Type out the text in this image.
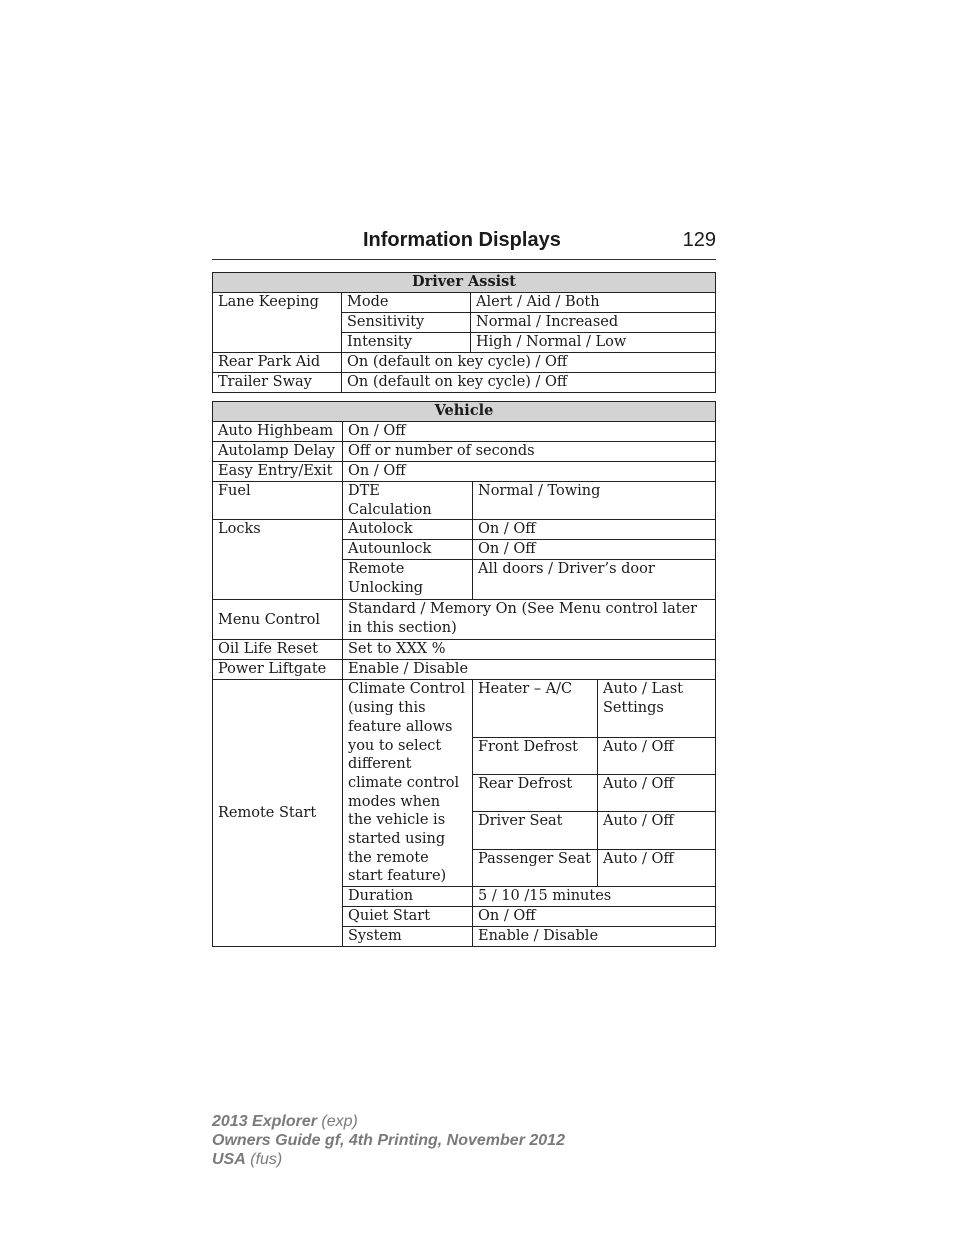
Information Displays	129
Driver Assist		
Lane Keeping	Mode	Alert / Aid / Both
	Sensitivity	Normal / Increased
	Intensity	High / Normal / Low
Rear Park Aid	On (default on key cycle) / Off	
Trailer Sway	On (default on key cycle) / Off	
Vehicle			
Auto Highbeam	On / Off		
Autolamp Delay	Off or number of seconds		
Easy Entry/Exit	On / Off		
Fuel	DTE Calculation	Normal / Towing	
Locks	Autolock	On / Off	
	Autounlock	On / Off	
	Remote Unlocking	All doors / Driver’s door	
Menu Control	Standard / Memory On (See Menu control later in this section)		
Oil Life Reset	Set to XXX %		
Power Liftgate	Enable / Disable		
Remote Start	Climate Control (using this feature allows you to select different climate control modes when the vehicle is started using the remote start feature)	Heater – A/C	Auto / Last Settings
		Front Defrost	Auto / Off
		Rear Defrost	Auto / Off
		Driver Seat	Auto / Off
		Passenger Seat	Auto / Off
	Duration	5 / 10 /15 minutes	
	Quiet Start	On / Off	
	System	Enable / Disable	
2013 Explorer (exp)
Owners Guide gf, 4th Printing, November 2012
USA (fus)
